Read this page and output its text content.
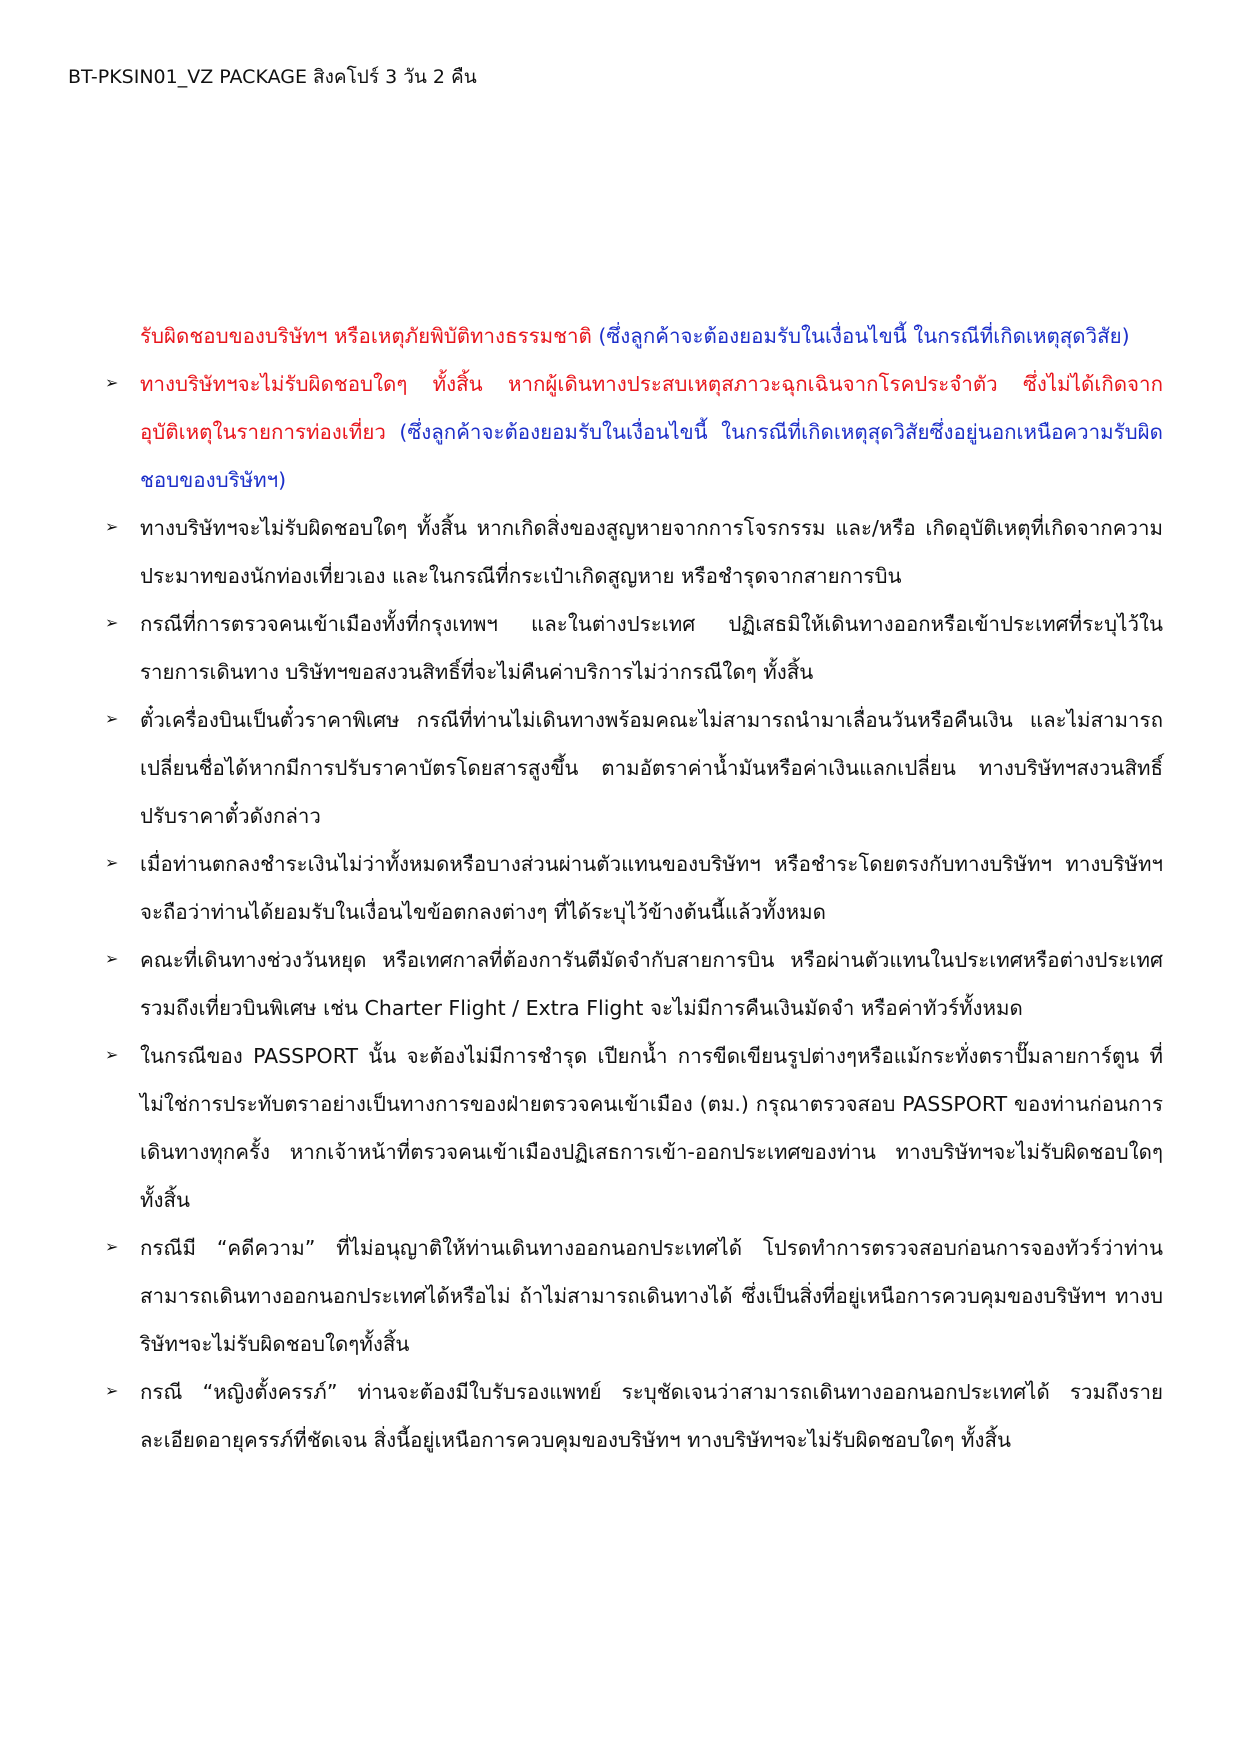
BT-PKSIN01_VZ PACKAGE สิงคโปร์ 3 วัน 2 คืน

รับผิดชอบของบริษัทฯ หรือเหตุภัยพิบัติทางธรรมชาติ (ซึ่งลูกค้าจะต้องยอมรับในเงื่อนไขนี้ ในกรณีที่เกิดเหตุสุดวิสัย)

➢ ทางบริษัทฯจะไม่รับผิดชอบใดๆ ทั้งสิ้น หากผู้เดินทางประสบเหตุสภาวะฉุกเฉินจากโรคประจำตัว ซึ่งไม่ได้เกิดจากอุบัติเหตุในรายการท่องเที่ยว (ซึ่งลูกค้าจะต้องยอมรับในเงื่อนไขนี้ ในกรณีที่เกิดเหตุสุดวิสัยซึ่งอยู่นอกเหนือความรับผิดชอบของบริษัทฯ)
➢ ทางบริษัทฯจะไม่รับผิดชอบใดๆ ทั้งสิ้น หากเกิดสิ่งของสูญหายจากการโจรกรรม และ/หรือ เกิดอุบัติเหตุที่เกิดจากความประมาทของนักท่องเที่ยวเอง และในกรณีที่กระเป๋าเกิดสูญหาย หรือชำรุดจากสายการบิน
➢ กรณีที่การตรวจคนเข้าเมืองทั้งที่กรุงเทพฯ และในต่างประเทศ ปฏิเสธมิให้เดินทางออกหรือเข้าประเทศที่ระบุไว้ในรายการเดินทาง บริษัทฯขอสงวนสิทธิ์ที่จะไม่คืนค่าบริการไม่ว่ากรณีใดๆ ทั้งสิ้น
➢ ตั๋วเครื่องบินเป็นตั๋วราคาพิเศษ กรณีที่ท่านไม่เดินทางพร้อมคณะไม่สามารถนำมาเลื่อนวันหรือคืนเงิน และไม่สามารถเปลี่ยนชื่อได้หากมีการปรับราคาบัตรโดยสารสูงขึ้น ตามอัตราค่าน้ำมันหรือค่าเงินแลกเปลี่ยน ทางบริษัทฯสงวนสิทธิ์ปรับราคาตั๋วดังกล่าว
➢ เมื่อท่านตกลงชำระเงินไม่ว่าทั้งหมดหรือบางส่วนผ่านตัวแทนของบริษัทฯ หรือชำระโดยตรงกับทางบริษัทฯ ทางบริษัทฯจะถือว่าท่านได้ยอมรับในเงื่อนไขข้อตกลงต่างๆ ที่ได้ระบุไว้ข้างต้นนี้แล้วทั้งหมด
➢ คณะที่เดินทางช่วงวันหยุด หรือเทศกาลที่ต้องการันตีมัดจำกับสายการบิน หรือผ่านตัวแทนในประเทศหรือต่างประเทศ รวมถึงเที่ยวบินพิเศษ เช่น Charter Flight / Extra Flight จะไม่มีการคืนเงินมัดจำ หรือค่าทัวร์ทั้งหมด
➢ ในกรณีของ PASSPORT นั้น จะต้องไม่มีการชำรุด เปียกน้ำ การขีดเขียนรูปต่างๆหรือแม้กระทั่งตราปั๊มลายการ์ตูน ที่ไม่ใช่การประทับตราอย่างเป็นทางการของฝ่ายตรวจคนเข้าเมือง (ตม.) กรุณาตรวจสอบ PASSPORT ของท่านก่อนการเดินทางทุกครั้ง หากเจ้าหน้าที่ตรวจคนเข้าเมืองปฏิเสธการเข้า-ออกประเทศของท่าน ทางบริษัทฯจะไม่รับผิดชอบใดๆ ทั้งสิ้น
➢ กรณีมี “คดีความ” ที่ไม่อนุญาติให้ท่านเดินทางออกนอกประเทศได้ โปรดทำการตรวจสอบก่อนการจองทัวร์ว่าท่านสามารถเดินทางออกนอกประเทศได้หรือไม่ ถ้าไม่สามารถเดินทางได้ ซึ่งเป็นสิ่งที่อยู่เหนือการควบคุมของบริษัทฯ ทางบริษัทฯจะไม่รับผิดชอบใดๆทั้งสิ้น
➢ กรณี “หญิงตั้งครรภ์” ท่านจะต้องมีใบรับรองแพทย์ ระบุชัดเจนว่าสามารถเดินทางออกนอกประเทศได้ รวมถึงรายละเอียดอายุครรภ์ที่ชัดเจน สิ่งนี้อยู่เหนือการควบคุมของบริษัทฯ ทางบริษัทฯจะไม่รับผิดชอบใดๆ ทั้งสิ้น
